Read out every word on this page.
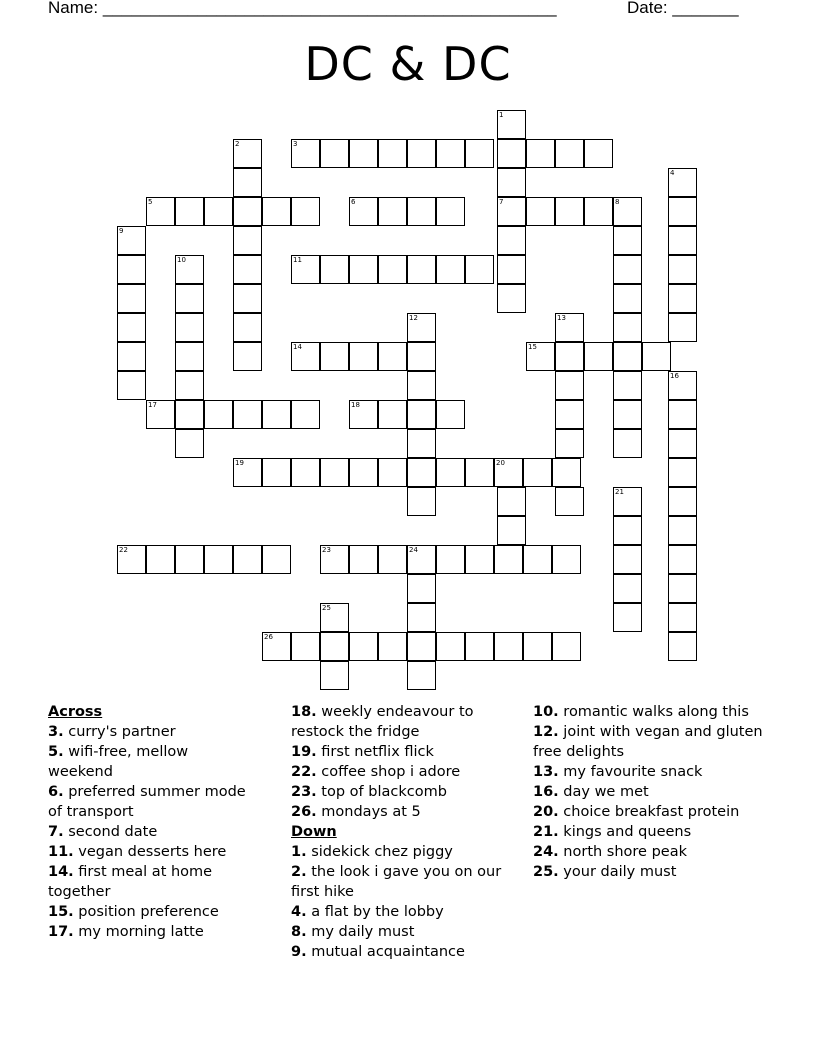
Name: ________________________________________________	Date: _______
DC & DC
1
7
2	3
4
5	6	8
9
10	11
12	13
14	15
16
17	18
19	20
21
22	23	24
25
26
Across
3. curry's partner
5. wifi-free, mellow weekend
6. preferred summer mode of transport
7. second date
11. vegan desserts here
14. first meal at home together
15. position preference
17. my morning latte
18. weekly endeavour to restock the fridge
19. first netflix flick
22. coffee shop i adore
23. top of blackcomb
26. mondays at 5
Down
1. sidekick chez piggy
2. the look i gave you on our first hike
4. a flat by the lobby
8. my daily must
9. mutual acquaintance
10. romantic walks along this
12. joint with vegan and gluten free delights
13. my favourite snack
16. day we met
20. choice breakfast protein
21. kings and queens
24. north shore peak
25. your daily must
